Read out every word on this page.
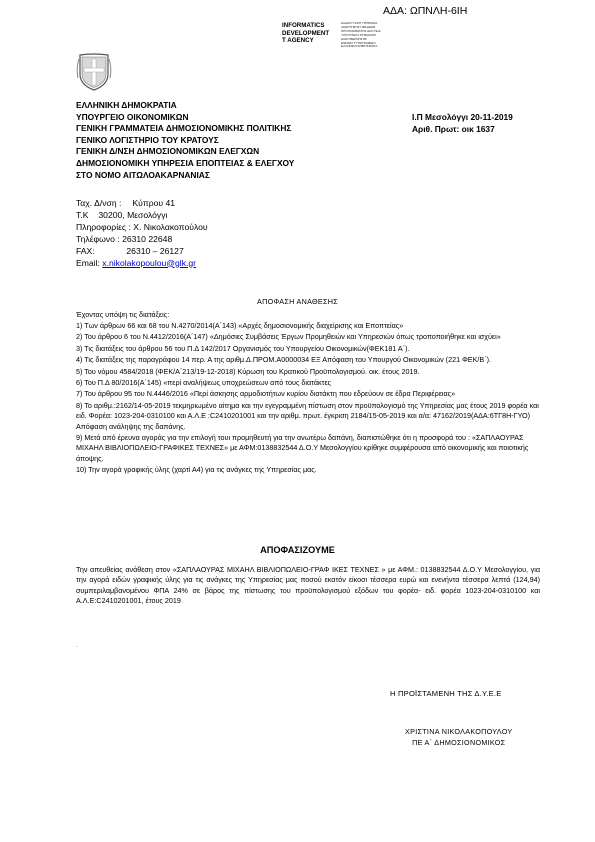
ΑΔΑ: ΩΠΝΛΗ-6ΙΗ
INFORMATICS
DEVELOPMENT
T AGENCY
ΔΙΑΔΙΚΤΥΑΚΗ ΥΠΗΡΕΣΙΑ
ΑΝΑΡΤΗΣΗΣ ΠΡΑΞΕΩΝ
ΠΡΟΓΡΑΜΜΑΤΟΣ ΔΙΑΥΓΕΙΑ
ΥΠΟΥΡΓΕΙΟ ΨΗΦΙΑΚΗΣ
ΔΙΑΚΥΒΕΡΝΗΣΗΣ
ΕΘΝΙΚΟ ΤΥΠΟΓΡΑΦΕΙΟ
ΕΛΛΗΝΙΚΗ ΔΗΜΟΚΡΑΤΙΑ
ΕΛΛΗΝΙΚΗ ΔΗΜΟΚΡΑΤΙΑ
ΥΠΟΥΡΓΕΙΟ ΟΙΚΟΝΟΜΙΚΩΝ
ΓΕΝΙΚΗ ΓΡΑΜΜΑΤΕΙΑ ΔΗΜΟΣΙΟΝΟΜΙΚΗΣ ΠΟΛΙΤΙΚΗΣ
ΓΕΝΙΚΟ ΛΟΓΙΣΤΗΡΙΟ ΤΟΥ ΚΡΑΤΟΥΣ
ΓΕΝΙΚΗ Δ/ΝΣΗ ΔΗΜΟΣΙΟΝΟΜΙΚΩΝ ΕΛΕΓΧΩΝ
ΔΗΜΟΣΙΟΝΟΜΙΚΗ ΥΠΗΡΕΣΙΑ ΕΠΟΠΤΕΙΑΣ & ΕΛΕΓΧΟΥ
ΣΤΟ ΝΟΜΟ ΑΙΤΩΛΟΑΚΑΡΝΑΝΙΑΣ
Ι.Π Μεσολόγγι 20-11-2019
Αριθ. Πρωτ: οικ 1637
Ταχ. Δ/νση : Κύπρου 41
Τ.Κ 30200, Μεσολόγγι
Πληροφορίες : Χ. Νικολακοπούλου
Τηλέφωνο : 26310 22648
FAX:	26310 – 26127
Email: x.nikolakopoulou@glk.gr
ΑΠΟΦΑΣΗ ΑΝΑΘΕΣΗΣ
Έχοντας υπόψη τις διατάξεις:
1) Των άρθρων 66 και 68 του Ν.4270/2014(Α΄143) «Αρχές δημοσιονομικής διαχείρισης και Εποπτείας»
2) Του άρθρου 6 του Ν.4412/2016(Α΄147) «Δημόσιες Συμβάσεις Έργων Προμηθειών και Υπηρεσιών όπως τροποποιήθηκε και ισχύει»
3) Τις διατάξεις του άρθρου 56 του Π.Δ 142/2017 Οργανισμός του Υπουργείου Οικονομικών(ΦΕΚ181 Α΄).
4) Τις διατάξεις της παραγράφου 14 περ. Α της αριθμ.Δ.ΠΡΟΜ.Α0000034 ΕΞ Απόφαση του Υπουργού Οικονομικών (221 ΦΕΚ/Β΄).
5) Του νόμου 4584/2018 (ΦΕΚ/Α΄213/19-12-2018) Κύρωση του Κρατικού Προϋπολογισμού. οικ. έτους 2019.
6) Του Π.Δ 80/2016(Α΄145) «περί αναλήψεως υποχρεώσεων από τους διατάκτες
7) Του άρθρου 95 του Ν.4446/2016 «Περί άσκησης αρμοδιοτήτων κυρίου διατάκτη που εδρεύουν σε έδρα Περιφέρειας»
8) Το αριθμ.:2162/14-05-2019 τεκμηριωμένο αίτημα και την εγεγραμμένη πίστωση στον προϋπολογισμό της Υπηρεσίας μας έτους 2019 φορέα και ειδ. Φορέα: 1023-204-0310100 και Α.Λ.Ε :C2410201001 και την αριθμ. πρωτ. έγκριση 2184/15-05-2019 και α/α: 47162/2019(ΑΔΑ:6ΤΓ8Η-ΓΥΟ) Απόφαση ανάληψης της δαπάνης.
9) Μετά από έρευνα αγοράς για την επιλογή τουι προμηθευτή για την ανωτέρω δαπάνη, διαπιστώθηκε ότι η προσφορά του : «ΣΑΠΛΑΟΥΡΑΣ ΜΙΧΑΗΛ ΒΙΒΛΙΟΠΩΛΕΙΟ-ΓΡΑΦΙΚΕΣ ΤΕΧΝΕΣ» με ΑΦΜ:0138832544 Δ.Ο.Υ Μεσολογγίου κρίθηκε συμφέρουσα από οικονομικής και ποιοτικής άποψης.
10) Την αγορά γραφικής ύλης (χαρτί Α4) για τις ανάγκες της Υπηρεσίας μας.
ΑΠΟΦΑΣΙΖΟΥΜΕ
Την απευθείας ανάθεση στον «ΣΑΠΛΑΟΥΡΑΣ ΜΙΧΑΗΛ ΒΙΒΛΙΟΠΩΛΕΙΟ-ΓΡΑΦ ΙΚΕΣ ΤΕΧΝΕΣ » με ΑΦΜ.: 0138832544 Δ.Ο.Υ Μεσολογγίου, για την αγορά ειδών γραφικής ύλης για τις ανάγκες της Υπηρεσίας μας ποσού εκατόν είκοσι τέσσερα ευρώ και ενενήντα τέσσερα λεπτά (124,94) συμπεριλαμβανομένου ΦΠΑ 24% σε βάρος της πίστωσης του προϋπολογισμού εξόδων του φορέα- ειδ. φορέα 1023-204-0310100 και Α.Λ.Ε:C2410201001, έτους 2019
.
Η ΠΡΟΪΣΤΑΜΕΝΗ ΤΗΣ Δ.Υ.Ε.Ε
ΧΡΙΣΤΙΝΑ ΝΙΚΟΛΑΚΟΠΟΥΛΟΥ
ΠΕ Α΄ ΔΗΜΟΣΙΟΝΟΜΙΚΟΣ
